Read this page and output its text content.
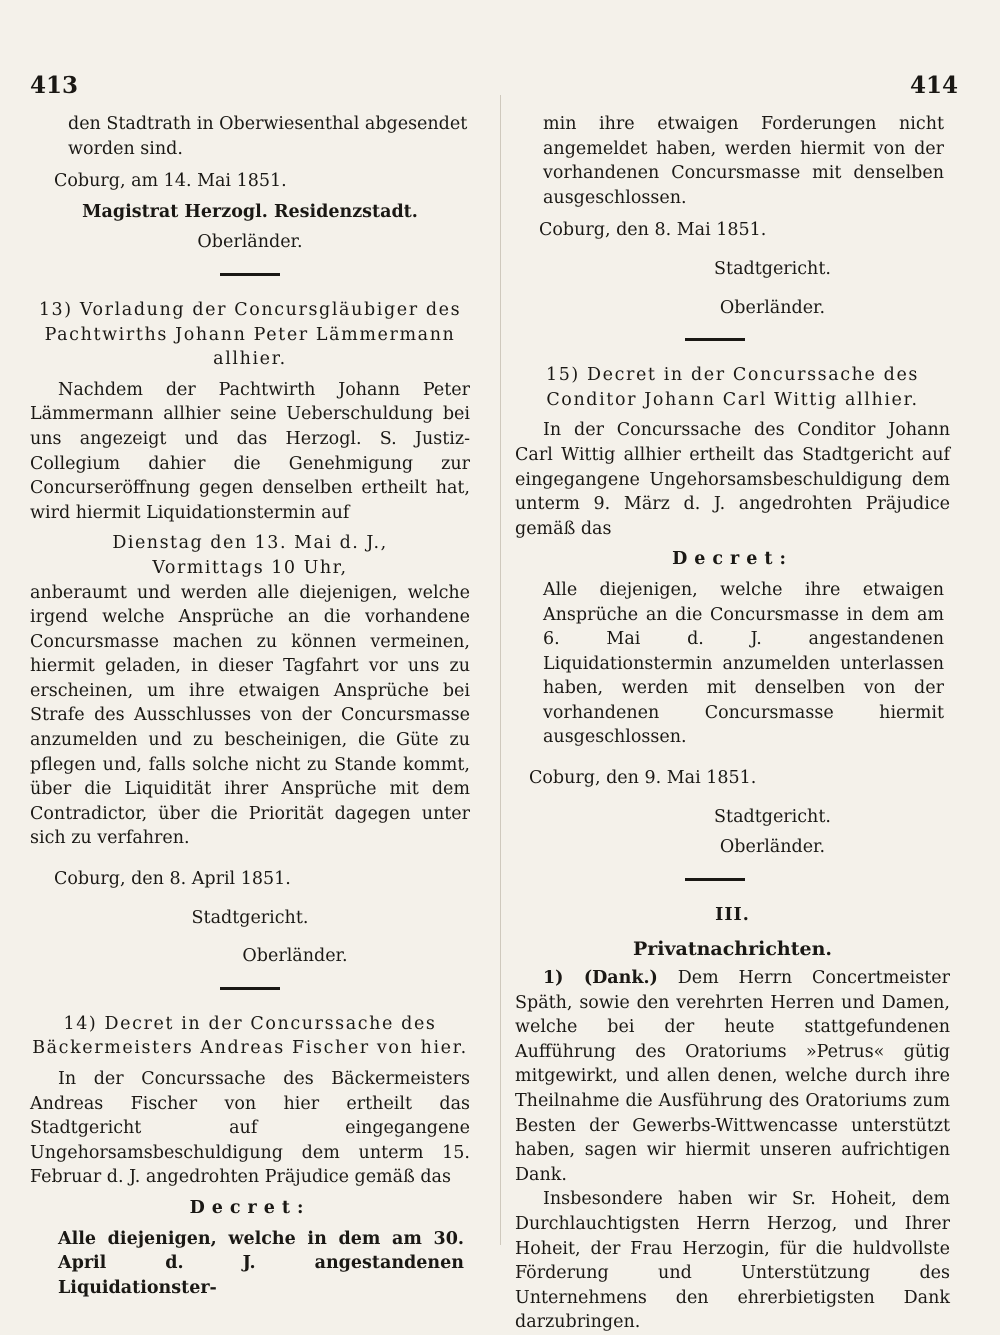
413	414

den Stadtrath in Oberwiesenthal abgesendet

worden sind.

Coburg, am 14. Mai 1851.

Magistrat Herzogl. Residenzstadt.

Oberländer.

13) Vorladung der Concursgläubiger des Pachtwirths Johann Peter Lämmermann allhier.

Nachdem der Pachtwirth Johann Peter Lämmermann allhier seine Ueberschuldung bei uns angezeigt und das Herzogl. S. Justiz-Collegium dahier die Genehmigung zur Concurseröffnung gegen denselben ertheilt hat, wird hiermit Liquidationstermin auf

Dienstag den 13. Mai d. J.,

Vormittags 10 Uhr,

anberaumt und werden alle diejenigen, welche irgend welche Ansprüche an die vorhandene Concursmasse machen zu können vermeinen, hiermit geladen, in dieser Tagfahrt vor uns zu erscheinen, um ihre etwaigen Ansprüche bei Strafe des Ausschlusses von der Concursmasse anzumelden und zu bescheinigen, die Güte zu pflegen und, falls solche nicht zu Stande kommt, über die Liquidität ihrer Ansprüche mit dem Contradictor, über die Priorität dagegen unter sich zu verfahren.

Coburg, den 8. April 1851.

Stadtgericht.

Oberländer.

14) Decret in der Concurssache des Bäckermeisters Andreas Fischer von hier.

In der Concurssache des Bäckermeisters Andreas Fischer von hier ertheilt das Stadtgericht auf eingegangene Ungehorsamsbeschuldigung dem unterm 15. Februar d. J. angedrohten Präjudice gemäß das

Decret:

Alle diejenigen, welche in dem am 30. April d. J. angestandenen Liquidationster-

min ihre etwaigen Forderungen nicht angemeldet haben, werden hiermit von der vorhandenen Concursmasse mit denselben ausgeschlossen.

Coburg, den 8. Mai 1851.

Stadtgericht.

Oberländer.

15) Decret in der Concurssache des Conditor Johann Carl Wittig allhier.

In der Concurssache des Conditor Johann Carl Wittig allhier ertheilt das Stadtgericht auf eingegangene Ungehorsamsbeschuldigung dem unterm 9. März d. J. angedrohten Präjudice gemäß das

Decret:

Alle diejenigen, welche ihre etwaigen Ansprüche an die Concursmasse in dem am 6. Mai d. J. angestandenen Liquidationstermin anzumelden unterlassen haben, werden mit denselben von der vorhandenen Concursmasse hiermit ausgeschlossen.

Coburg, den 9. Mai 1851.

Stadtgericht.

Oberländer.

III.

Privatnachrichten.

1) (Dank.) Dem Herrn Concertmeister Späth, sowie den verehrten Herren und Damen, welche bei der heute stattgefundenen Aufführung des Oratoriums »Petrus« gütig mitgewirkt, und allen denen, welche durch ihre Theilnahme die Ausführung des Oratoriums zum Besten der Gewerbs-Wittwencasse unterstützt haben, sagen wir hiermit unseren aufrichtigen Dank.

Insbesondere haben wir Sr. Hoheit, dem Durchlauchtigsten Herrn Herzog, und Ihrer Hoheit, der Frau Herzogin, für die huldvollste Förderung und Unterstützung des Unternehmens den ehrerbietigsten Dank darzubringen.
